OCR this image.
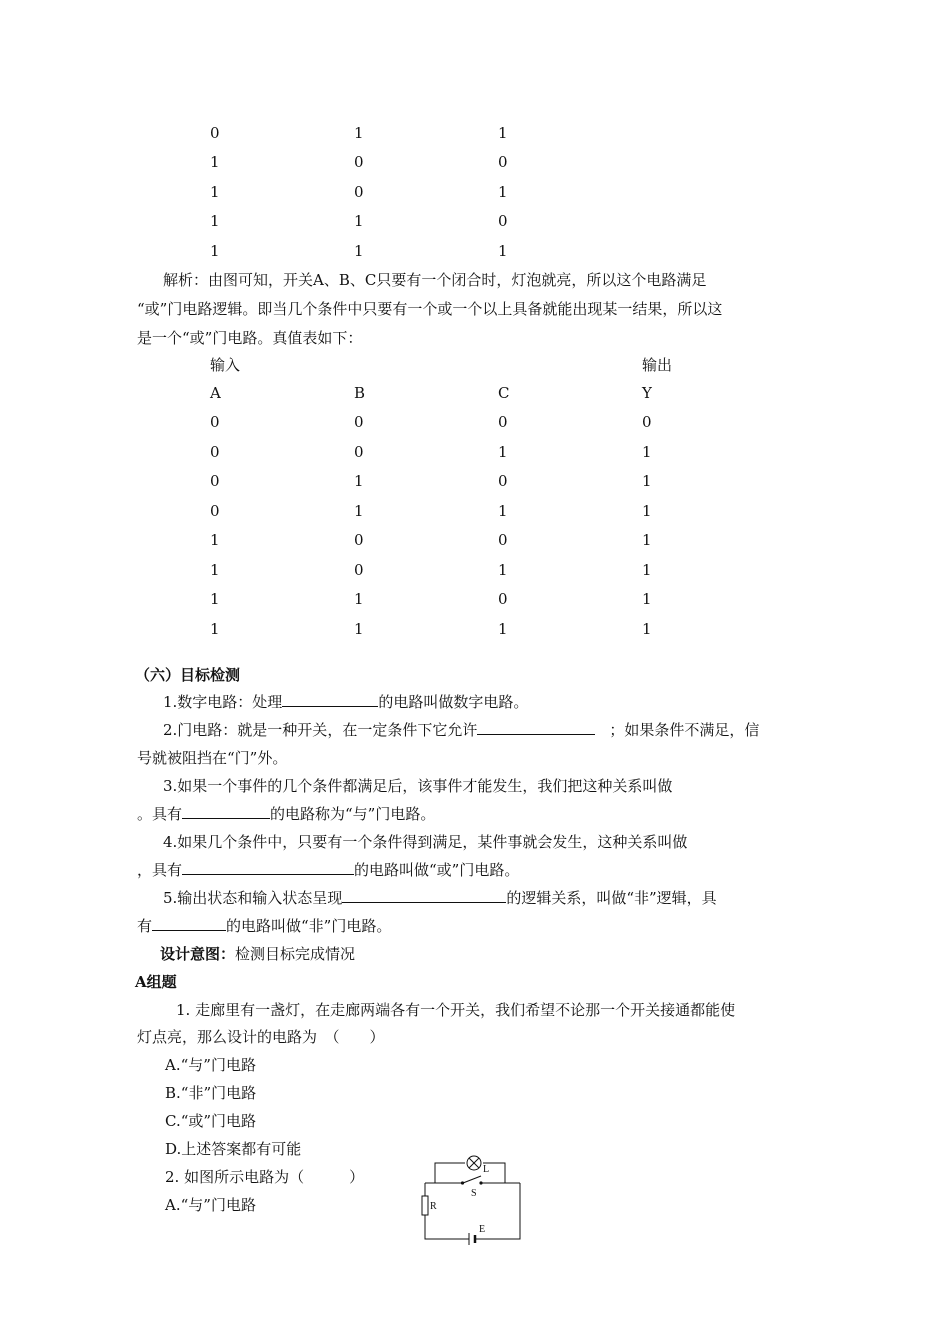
0	1	1
1	0	0
1	0	1
1	1	0
1	1	1
解析：由图可知，开关A、B、C只要有一个闭合时，灯泡就亮，所以这个电路满足
“或”门电路逻辑。即当几个条件中只要有一个或一个以上具备就能出现某一结果，所以这
是一个“或”门电路。真值表如下：
输入	输出
A	B	C	Y
0	0	0	0
0	0	1	1
0	1	0	1
0	1	1	1
1	0	0	1
1	0	1	1
1	1	0	1
1	1	1	1
（六）目标检测
1.数字电路：处理	的电路叫做数字电路。
2.门电路：就是一种开关，在一定条件下它允许	；如果条件不满足，信
号就被阻挡在“门”外。
3.如果一个事件的几个条件都满足后，该事件才能发生，我们把这种关系叫做
。具有	的电路称为“与”门电路。
4.如果几个条件中，只要有一个条件得到满足，某件事就会发生，这种关系叫做
，具有	的电路叫做“或”门电路。
5.输出状态和输入状态呈现	的逻辑关系，叫做“非”逻辑，具
有	的电路叫做“非”门电路。
设计意图：检测目标完成情况
A组题
1. 走廊里有一盏灯，在走廊两端各有一个开关，我们希望不论那一个开关接通都能使
灯点亮，那么设计的电路为　（　　）
A.“与”门电路
B.“非”门电路
C.“或”门电路
D.上述答案都有可能
2. 如图所示电路为（　　　）
A.“与”门电路
L
S
R
E
